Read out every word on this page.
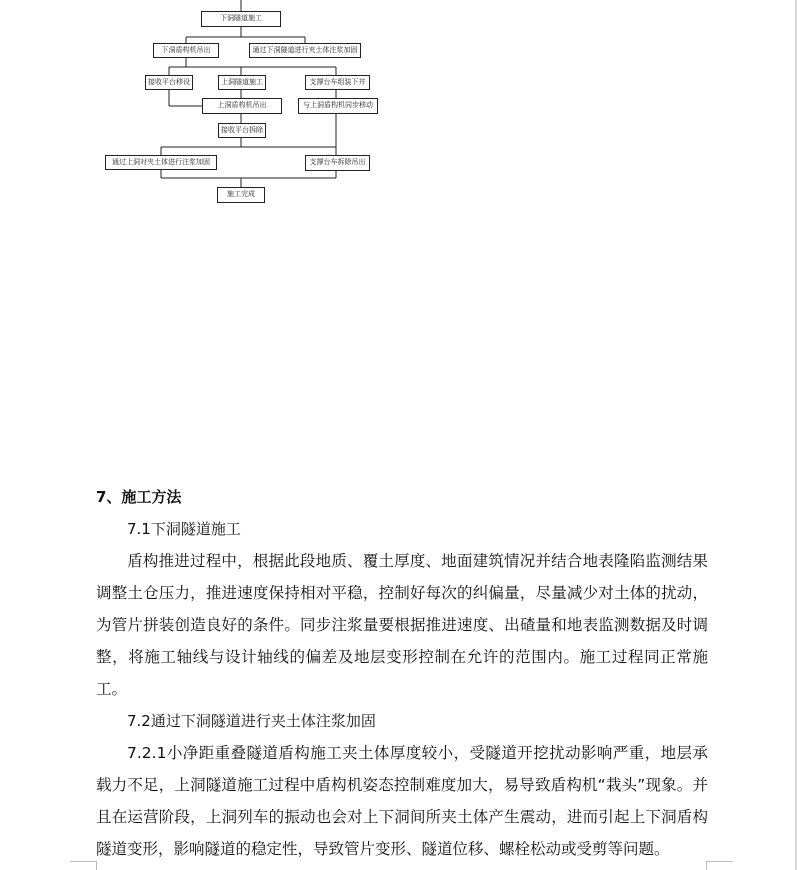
下洞隧道施工
下洞盾构机吊出	通过下洞隧道进行夹土体注浆加固
接收平台移设	上洞隧道施工	支撑台车组装下井
上洞盾构机吊出	与上洞盾构机同步移动
接收平台拆除
通过上洞对夹土体进行注浆加固	支撑台车拆除吊出
施工完成
7、施工方法
7.1下洞隧道施工
盾构推进过程中，根据此段地质、覆土厚度、地面建筑情况并结合地表隆陷监测结果调整土仓压力，推进速度保持相对平稳，控制好每次的纠偏量，尽量减少对土体的扰动，为管片拼装创造良好的条件。同步注浆量要根据推进速度、出碴量和地表监测数据及时调整，将施工轴线与设计轴线的偏差及地层变形控制在允许的范围内。施工过程同正常施工。
7.2通过下洞隧道进行夹土体注浆加固
7.2.1小净距重叠隧道盾构施工夹土体厚度较小，受隧道开挖扰动影响严重，地层承载力不足，上洞隧道施工过程中盾构机姿态控制难度加大，易导致盾构机“栽头”现象。并且在运营阶段，上洞列车的振动也会对上下洞间所夹土体产生震动，进而引起上下洞盾构隧道变形，影响隧道的稳定性，导致管片变形、隧道位移、螺栓松动或受剪等问题。
